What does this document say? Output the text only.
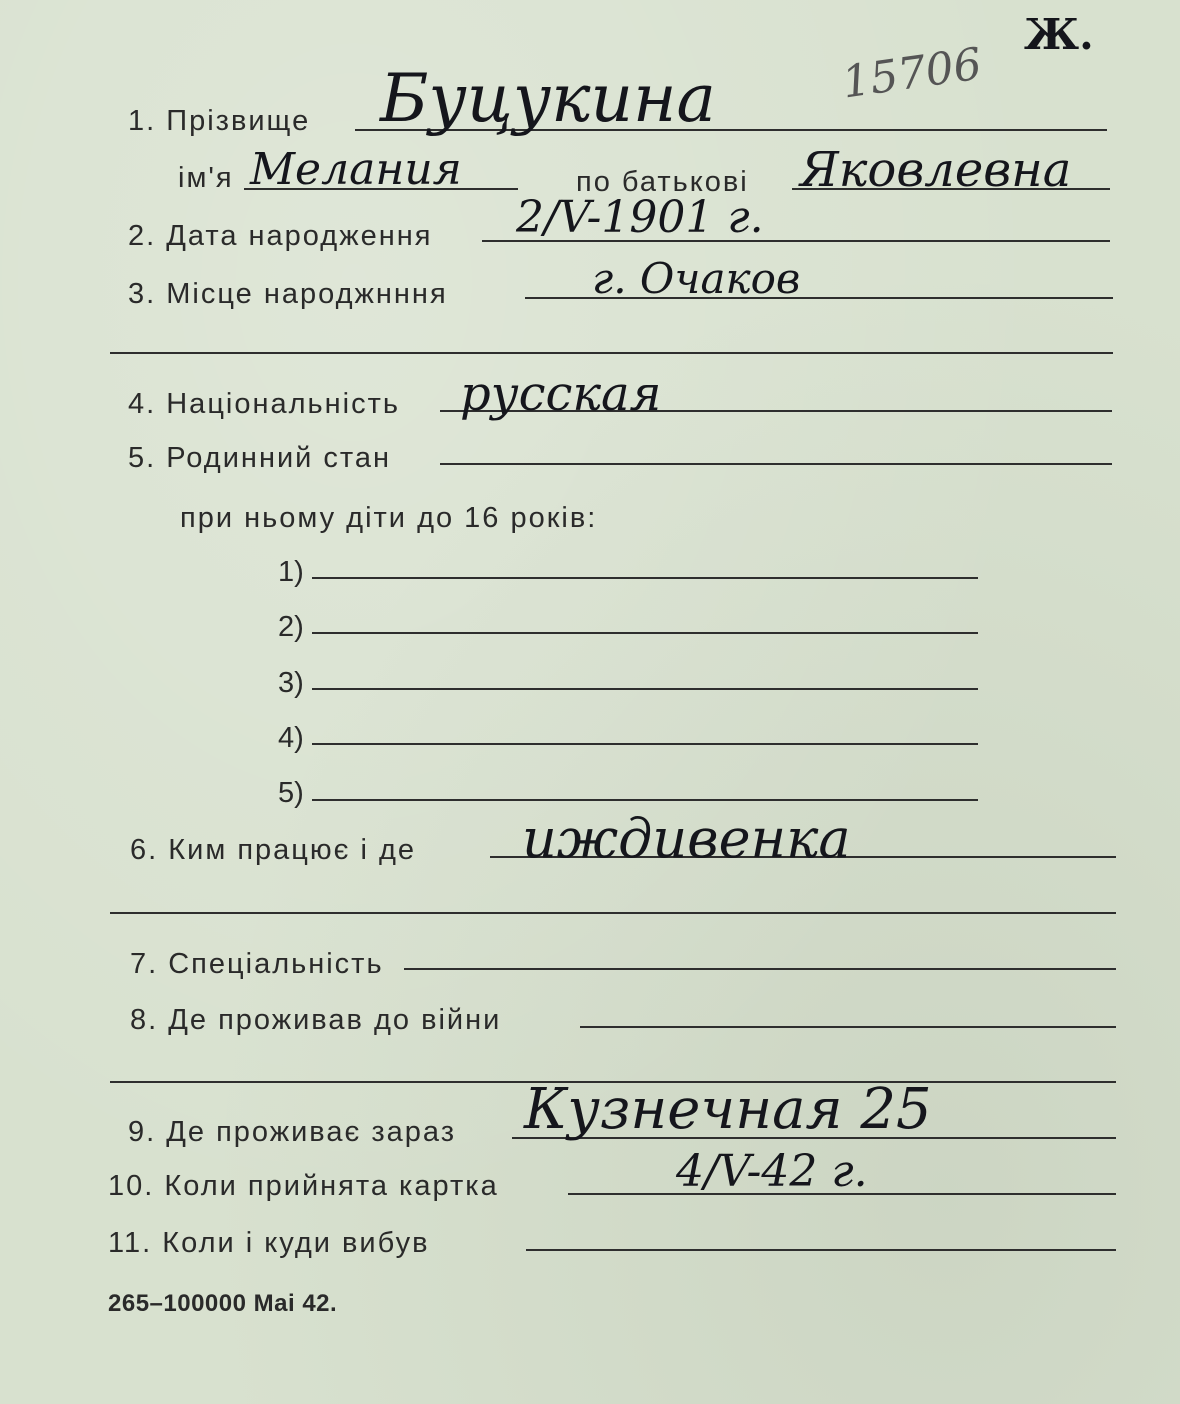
15706
Ж.
1. Прізвище Буцукина
ім'я Мелания	по батькові Яковлевна
2. Дата народження 2/V-1901 г.
3. Місце народжнння	г. Очаков
4. Національність русская
5. Родинний стан
при ньому діти до 16 років:
1)
2)
3)
4)
5)
6. Ким працює і де иждивенка
7. Спеціальність
8. Де проживав до війни
9. Де проживає зараз Кузнечная 25
10. Коли прийнята картка	4/V-42 г.
11. Коли і куди вибув
265–100000 Mai 42.
